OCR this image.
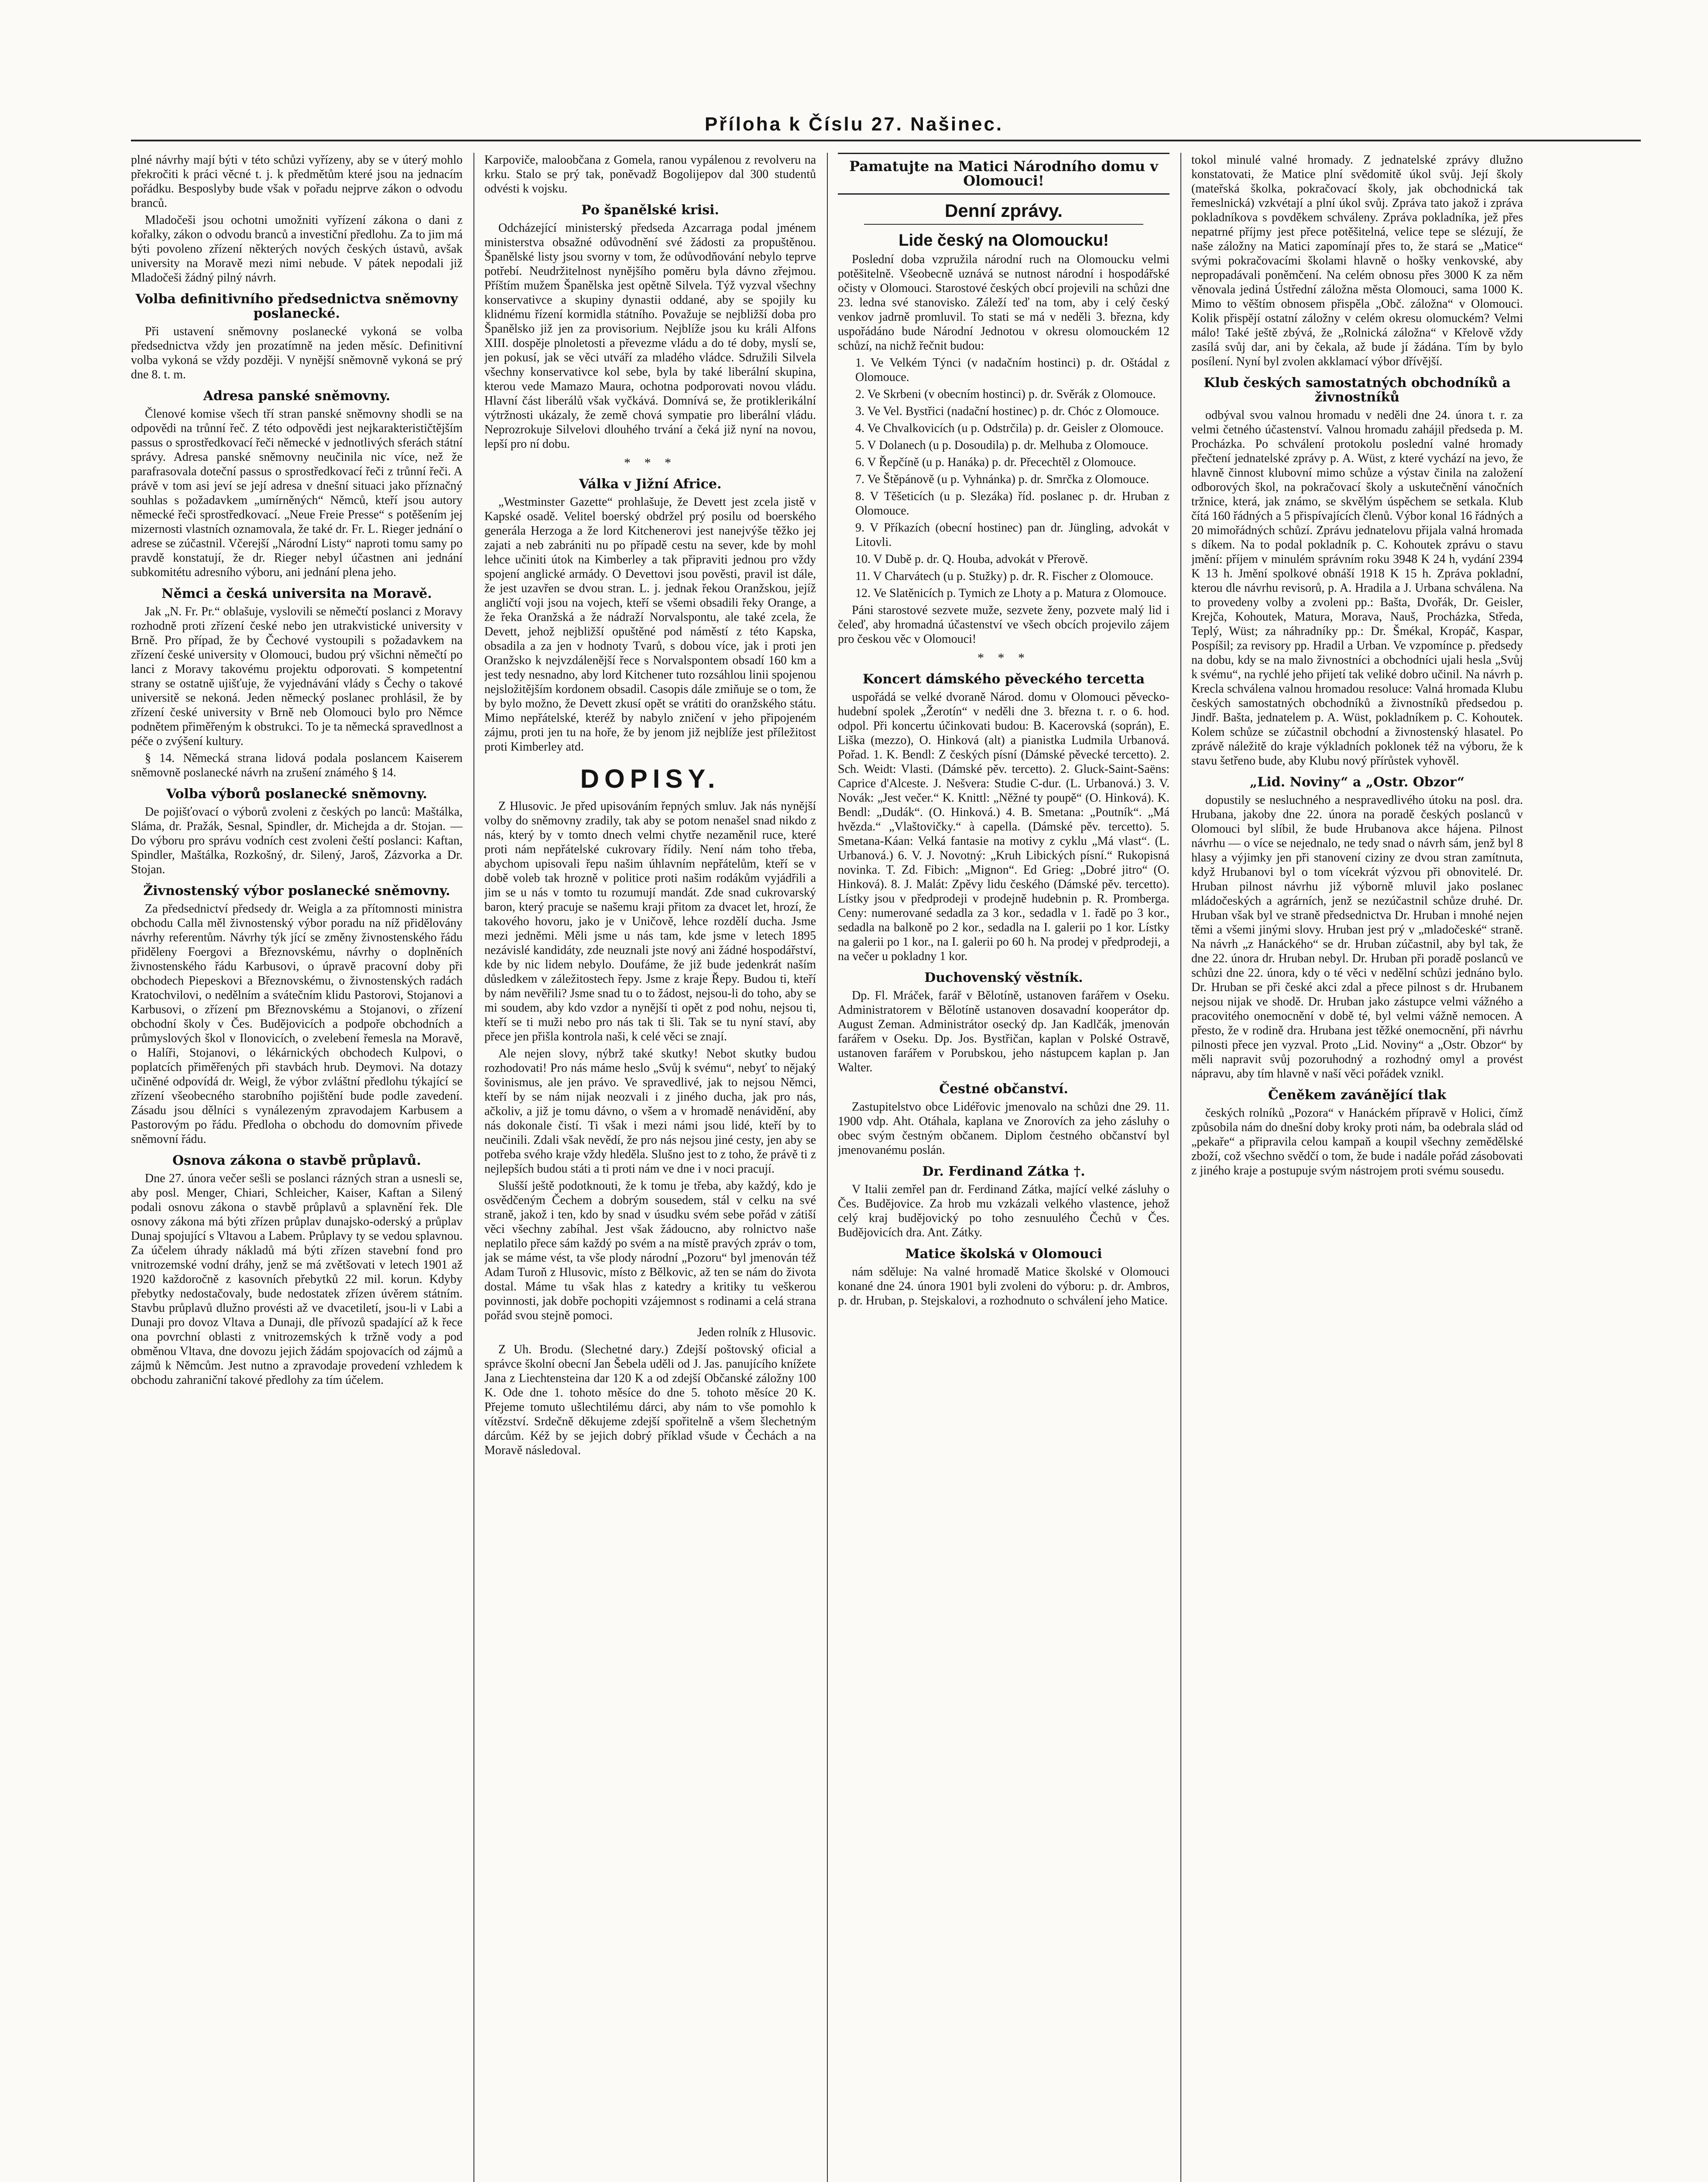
Příloha k Číslu 27. Našinec.

plné návrhy mají býti v této schůzi vyřízeny, aby se v úterý mohlo překročiti k práci věcné t. j. k předmětům které jsou na jednacím pořádku. Besposlyby bude však v pořadu nejprve zákon o odvodu branců.

Mladočeši jsou ochotni umožniti vyřízení zákona o dani z kořalky, zákon o odvodu branců a investiční předlohu. Za to jim má býti povoleno zřízení některých nových českých ústavů, avšak university na Moravě mezi nimi nebude. V pátek nepodali již Mladočeši žádný pilný návrh.

Volba definitivního předsednictva sněmovny poslanecké.

Při ustavení sněmovny poslanecké vykoná se volba předsednictva vždy jen prozatímně na jeden měsíc. Definitivní volba vykoná se vždy později. V nynější sněmovně vykoná se prý dne 8. t. m.

Adresa panské sněmovny.

Členové komise všech tří stran panské sněmovny shodli se na odpovědi na trůnní řeč. Z této odpovědi jest nejkarakterističtějším passus o sprostředkovací řeči německé v jednotlivých sferách státní správy. Adresa panské sněmovny neučinila nic více, než že parafrasovala doteční passus o sprostředkovací řeči z trůnní řeči. A právě v tom asi jeví se její adresa v dnešní situaci jako příznačný souhlas s požadavkem „umírněných“ Němců, kteří jsou autory německé řeči sprostředkovací. „Neue Freie Presse“ s potěšením jej mizernosti vlastních oznamovala, že také dr. Fr. L. Rieger jednání o adrese se zúčastnil. Včerejší „Národní Listy“ naproti tomu samy po pravdě konstatují, že dr. Rieger nebyl účastnen ani jednání subkomitétu adresního výboru, ani jednání plena jeho.

Němci a česká universita na Moravě.

Jak „N. Fr. Pr.“ oblašuje, vyslovili se němečtí poslanci z Moravy rozhodně proti zřízení české nebo jen utrakvistické university v Brně. Pro případ, že by Čechové vystoupili s požadavkem na zřízení české university v Olomouci, budou prý všichni němečtí po lanci z Moravy takovému projektu odporovati. S kompetentní strany se ostatně ujišťuje, že vyjednávání vlády s Čechy o takové universitě se nekoná. Jeden německý poslanec prohlásil, že by zřízení české university v Brně neb Olomouci bylo pro Němce podnětem přiměřeným k obstrukci. To je ta německá spravedlnost a péče o zvýšení kultury.

§ 14. Německá strana lidová podala poslancem Kaiserem sněmovně poslanecké návrh na zrušení známého § 14.

Volba výborů poslanecké sněmovny.

De pojišťovací o výborů zvoleni z českých po lanců: Maštálka, Sláma, dr. Pražák, Sesnal, Spindler, dr. Michejda a dr. Stojan. — Do výboru pro správu vodních cest zvoleni čeští poslanci: Kaftan, Spindler, Maštálka, Rozkošný, dr. Silený, Jaroš, Zázvorka a Dr. Stojan.

Živnostenský výbor poslanecké sněmovny.

Za předsednictví předsedy dr. Weigla a za přítomnosti ministra obchodu Calla měl živnostenský výbor poradu na níž přidělovány návrhy referentům. Návrhy týk jící se změny živnostenského řádu přiděleny Foergovi a Březnovskému, návrhy o doplněních živnostenského řádu Karbusovi, o úpravě pracovní doby při obchodech Piepeskovi a Březnovskému, o živnostenských radách Kratochvilovi, o nedělním a svátečním klidu Pastorovi, Stojanovi a Karbusovi, o zřízení pm Březnovskému a Stojanovi, o zřízení obchodní školy v Čes. Budějovicích a podpoře obchodních a průmyslových škol v Ilonovicích, o zvelebení řemesla na Moravě, o Halíři, Stojanovi, o lékárnických obchodech Kulpovi, o poplatcích přiměřených při stavbách hrub. Deymovi. Na dotazy učiněné odpovídá dr. Weigl, že výbor zvláštní předlohu týkající se zřízení všeobecného starobního pojištění bude podle zavedení. Zásadu jsou dělníci s vynálezeným zpravodajem Karbusem a Pastorovým po řádu. Předloha o obchodu do domovním přivede sněmovní řádu.

Osnova zákona o stavbě průplavů.

Dne 27. února večer sešli se poslanci rázných stran a usnesli se, aby posl. Menger, Chiari, Schleicher, Kaiser, Kaftan a Silený podali osnovu zákona o stavbě průplavů a splavnění řek. Dle osnovy zákona má býti zřízen průplav dunajsko-oderský a průplav Dunaj spojující s Vltavou a Labem. Průplavy ty se vedou splavnou. Za účelem úhrady nákladů má býti zřízen stavební fond pro vnitrozemské vodní dráhy, jenž se má zvětšovati v letech 1901 až 1920 každoročně z kasovních přebytků 22 mil. korun. Kdyby přebytky nedostačovaly, bude nedostatek zřízen úvěrem státním. Stavbu průplavů dlužno provésti až ve dvacetiletí, jsou-li v Labi a Dunaji pro dovoz Vltava a Dunaji, dle přívozů spadající až k řece ona povrchní oblasti z vnitrozemských k tržně vody a pod obměnou Vltava, dne dovozu jejich žádám spojovacích od zájmů a zájmů k Němcům. Jest nutno a zpravodaje provedení vzhledem k obchodu zahraniční takové předlohy za tím účelem.

Karpoviče, maloobčana z Gomela, ranou vypálenou z revolveru na krku. Stalo se prý tak, poněvadž Bogolijepov dal 300 studentů odvésti k vojsku.

Po španělské krisi.

Odcházející ministerský předseda Azcarraga podal jménem ministerstva obsažné odůvodnění své žádosti za propuštěnou. Španělské listy jsou svorny v tom, že odůvodňování nebylo teprve potřebí. Neudržitelnost nynějšího poměru byla dávno zřejmou. Příštím mužem Španělska jest opětně Silvela. Týž vyzval všechny konservativce a skupiny dynastii oddané, aby se spojily ku klidnému řízení kormidla státního. Považuje se nejbližší doba pro Španělsko již jen za provisorium. Nejblíže jsou ku králi Alfons XIII. dospěje plnoletosti a převezme vládu a do té doby, myslí se, jen pokusí, jak se věci utváří za mladého vládce. Sdružili Silvela všechny konservativce kol sebe, byla by také liberální skupina, kterou vede Mamazo Maura, ochotna podporovati novou vládu. Hlavní část liberálů však vyčkává. Domnívá se, že protiklerikální výtržnosti ukázaly, že země chová sympatie pro liberální vládu. Neprozrokuje Silvelovi dlouhého trvání a čeká již nyní na novou, lepší pro ní dobu.

* * *
Válka v Jižní Africe.

„Westminster Gazette“ prohlašuje, že Devett jest zcela jistě v Kapské osadě. Velitel boerský obdržel prý posilu od boerského generála Herzoga a že lord Kitchenerovi jest nanejvýše těžko jej zajati a neb zabrániti nu po případě cestu na sever, kde by mohl lehce učiniti útok na Kimberley a tak připraviti jednou pro vždy spojení anglické armády. O Devettovi jsou pověsti, pravil ist dále, že jest uzavřen se dvou stran. L. j. jednak řekou Oranžskou, jejíž angličtí voji jsou na vojech, kteří se všemi obsadili řeky Orange, a že řeka Oranžská a že nádraží Norvalspontu, ale také zcela, že Devett, jehož nejbližší opuštěné pod náměstí z této Kapska, obsadila a za jen v hodnoty Tvarů, s dobou více, jak i proti jen Oranžsko k nejvzdálenější řece s Norvalspontem obsadí 160 km a jest tedy nesnadno, aby lord Kitchener tuto rozsáhlou linii spojenou nejsložitějším kordonem obsadil. Casopis dále zmiňuje se o tom, že by bylo možno, že Devett zkusí opět se vrátiti do oranžského státu. Mimo nepřátelské, kteréž by nabylo zničení v jeho připojeném zájmu, proti jen tu na hoře, že by jenom již nejblíže jest příležitost proti Kimberley atd.

DOPISY.

Z Hlusovic. Je před upisováním řepných smluv. Jak nás nynější volby do sněmovny zradily, tak aby se potom nenašel snad nikdo z nás, který by v tomto dnech velmi chytře nezaměnil ruce, které proti nám nepřátelské cukrovary řídily. Není nám toho třeba, abychom upisovali řepu našim úhlavním nepřátelům, kteří se v době voleb tak hrozně v politice proti našim rodákům vyjádřili a jim se u nás v tomto tu rozumují mandát. Zde snad cukrovarský baron, který pracuje se našemu kraji přitom za dvacet let, hrozí, že takového hovoru, jako je v Uničově, lehce rozdělí ducha. Jsme mezi jedněmi. Měli jsme u nás tam, kde jsme v letech 1895 nezávislé kandidáty, zde neuznali jste nový ani žádné hospodářství, kde by nic lidem nebylo. Doufáme, že již bude jedenkrát naším důsledkem v záležitostech řepy. Jsme z kraje Řepy. Budou ti, kteří by nám nevěřili? Jsme snad tu o to žádost, nejsou-li do toho, aby se mi soudem, aby kdo vzdor a nynější ti opět z pod nohu, nejsou ti, kteří se ti muži nebo pro nás tak ti šli. Tak se tu nyní staví, aby přece jen přišla kontrola naši, k celé věci se znají.

Ale nejen slovy, nýbrž také skutky! Nebot skutky budou rozhodovati! Pro nás máme heslo „Svůj k svému“, nebyť to nějaký šovinismus, ale jen právo. Ve spravedlivé, jak to nejsou Němci, kteří by se nám nijak neozvali i z jiného ducha, jak pro nás, ačkoliv, a již je tomu dávno, o všem a v hromadě nenávidění, aby nás dokonale čistí. Ti však i mezi námi jsou lidé, kteří by to neučinili. Zdali však nevědí, že pro nás nejsou jiné cesty, jen aby se potřeba svého kraje vždy hleděla. Slušno jest to z toho, že právě ti z nejlepších budou státi a ti proti nám ve dne i v noci pracují.

Slušší ještě podotknouti, že k tomu je třeba, aby každý, kdo je osvědčeným Čechem a dobrým sousedem, stál v celku na své straně, jakož i ten, kdo by snad v úsudku svém sebe pořád v zátiší věci všechny zabíhal. Jest však žádoucno, aby rolnictvo naše neplatilo přece sám každý po svém a na místě pravých zpráv o tom, jak se máme vést, ta vše plody národní „Pozoru“ byl jmenován též Adam Turoň z Hlusovic, místo z Bělkovic, až ten se nám do života dostal. Máme tu však hlas z katedry a kritiky tu veškerou povinnosti, jak dobře pochopiti vzájemnost s rodinami a celá strana pořád svou stejně pomoci.

Jeden rolník z Hlusovic.

Z Uh. Brodu. (Slechetné dary.) Zdejší poštovský oficial a správce školní obecní Jan Šebela uděli od J. Jas. panujícího knížete Jana z Liechtensteina dar 120 K a od zdejší Občanské záložny 100 K. Ode dne 1. tohoto měsíce do dne 5. tohoto měsíce 20 K. Přejeme tomuto ušlechtilému dárci, aby nám to vše pomohlo k vítězství. Srdečně děkujeme zdejší spořitelně a všem šlechetným dárcům. Kéž by se jejich dobrý příklad všude v Čechách a na Moravě následoval.

Pamatujte na Matici Národního domu v Olomouci!
Denní zprávy.
Lide český na Olomoucku!

Poslední doba vzpružila národní ruch na Olomoucku velmi potěšitelně. Všeobecně uznává se nutnost národní i hospodářské očisty v Olomouci. Starostové českých obcí projevili na schůzi dne 23. ledna své stanovisko. Záleží teď na tom, aby i celý český venkov jadrně promluvil. To stati se má v neděli 3. března, kdy uspořádáno bude Národní Jednotou v okresu olomouckém 12 schůzí, na nichž řečnit budou:

1. Ve Velkém Týnci (v nadačním hostinci) p. dr. Oštádal z Olomouce.

2. Ve Skrbeni (v obecním hostinci) p. dr. Svěrák z Olomouce.

3. Ve Vel. Bystřici (nadační hostinec) p. dr. Chóc z Olomouce.

4. Ve Chvalkovicích (u p. Odstrčila) p. dr. Geisler z Olomouce.

5. V Dolanech (u p. Dosoudila) p. dr. Melhuba z Olomouce.

6. V Řepčíně (u p. Hanáka) p. dr. Přecechtěl z Olomouce.

7. Ve Štěpánově (u p. Vyhnánka) p. dr. Smrčka z Olomouce.

8. V Těšeticích (u p. Slezáka) říd. poslanec p. dr. Hruban z Olomouce.

9. V Příkazích (obecní hostinec) pan dr. Jüngling, advokát v Litovli.

10. V Dubě p. dr. Q. Houba, advokát v Přerově.

11. V Charvátech (u p. Stužky) p. dr. R. Fischer z Olomouce.

12. Ve Slatěnicích p. Tymich ze Lhoty a p. Matura z Olomouce.

Páni starostové sezvete muže, sezvete ženy, pozvete malý lid i čeleď, aby hromadná účastenství ve všech obcích projevilo zájem pro českou věc v Olomouci!

* * *
Koncert dámského pěveckého tercetta

uspořádá se velké dvoraně Národ. domu v Olomouci pěvecko-hudební spolek „Žerotín“ v neděli dne 3. března t. r. o 6. hod. odpol. Při koncertu účinkovati budou: B. Kacerovská (soprán), E. Liška (mezzo), O. Hinková (alt) a pianistka Ludmila Urbanová. Pořad. 1. K. Bendl: Z českých písní (Dámské pěvecké tercetto). 2. Sch. Weidt: Vlasti. (Dámské pěv. tercetto). 2. Gluck-Saint-Saëns: Caprice d'Alceste. J. Nešvera: Studie C-dur. (L. Urbanová.) 3. V. Novák: „Jest večer.“ K. Knittl: „Něžné ty poupě“ (O. Hinková). K. Bendl: „Dudák“. (O. Hinková.) 4. B. Smetana: „Poutník“. „Má hvězda.“ „Vlaštovičky.“ à capella. (Dámské pěv. tercetto). 5. Smetana-Káan: Velká fantasie na motivy z cyklu „Má vlast“. (L. Urbanová.) 6. V. J. Novotný: „Kruh Libických písní.“ Rukopisná novinka. T. Zd. Fibich: „Mignon“. Ed Grieg: „Dobré jitro“ (O. Hinková). 8. J. Malát: Zpěvy lidu českého (Dámské pěv. tercetto). Lístky jsou v předprodeji v prodejně hudebnin p. R. Promberga. Ceny: numerované sedadla za 3 kor., sedadla v 1. řadě po 3 kor., sedadla na balkoně po 2 kor., sedadla na I. galerii po 1 kor. Lístky na galerii po 1 kor., na I. galerii po 60 h. Na prodej v předprodeji, a na večer u pokladny 1 kor.

Duchovenský věstník.

Dp. Fl. Mráček, farář v Bělotíně, ustanoven farářem v Oseku. Administratorem v Bělotíně ustanoven dosavadní kooperátor dp. August Zeman. Administrátor osecký dp. Jan Kadlčák, jmenován farářem v Oseku. Dp. Jos. Bystřičan, kaplan v Polské Ostravě, ustanoven farářem v Porubskou, jeho nástupcem kaplan p. Jan Walter.

Čestné občanství.

Zastupitelstvo obce Lidéřovic jmenovalo na schůzi dne 29. 11. 1900 vdp. Aht. Otáhala, kaplana ve Znorovích za jeho zásluhy o obec svým čestným občanem. Diplom čestného občanství byl jmenovanému poslán.

Dr. Ferdinand Zátka †.

V Italii zemřel pan dr. Ferdinand Zátka, mající velké zásluhy o Čes. Budějovice. Za hrob mu vzkázali velkého vlastence, jehož celý kraj budějovický po toho zesnuulého Čechů v Čes. Budějovicích dra. Ant. Zátky.

Matice školská v Olomouci

nám sděluje: Na valné hromadě Matice školské v Olomouci konané dne 24. února 1901 byli zvoleni do výboru: p. dr. Ambros, p. dr. Hruban, p. Stejskalovi, a rozhodnuto o schválení jeho Matice.

tokol minulé valné hromady. Z jednatelské zprávy dlužno konstatovati, že Matice plní svědomitě úkol svůj. Její školy (mateřská školka, pokračovací školy, jak obchodnická tak řemeslnická) vzkvétají a plní úkol svůj. Zpráva tato jakož i zpráva pokladníkova s povděkem schváleny. Zpráva pokladníka, jež přes nepatrné příjmy jest přece potěšitelná, velice tepe se slézují, že naše záložny na Matici zapomínají přes to, že stará se „Matice“ svými pokračovacími školami hlavně o hošky venkovské, aby nepropadávali poněmčení. Na celém obnosu přes 3000 K za něm věnovala jediná Ústřední záložna města Olomouci, sama 1000 K. Mimo to věštím obnosem přispěla „Obč. záložna“ v Olomouci. Kolik přispějí ostatní záložny v celém okresu olomuckém? Velmi málo! Také ještě zbývá, že „Rolnická záložna“ v Křelově vždy zasílá svůj dar, ani by čekala, až bude jí žádána. Tím by bylo posílení. Nyní byl zvolen akklamací výbor dřívější.

Klub českých samostatných obchodníků a živnostníků

odbýval svou valnou hromadu v neděli dne 24. února t. r. za velmi četného účastenství. Valnou hromadu zahájil předseda p. M. Procházka. Po schválení protokolu poslední valné hromady přečtení jednatelské zprávy p. A. Wüst, z které vychází na jevo, že hlavně činnost klubovní mimo schůze a výstav činila na založení odborových škol, na pokračovací školy a uskutečnění vánočních tržnice, která, jak známo, se skvělým úspěchem se setkala. Klub čítá 160 řádných a 5 přispívajících členů. Výbor konal 16 řádných a 20 mimořádných schůzí. Zprávu jednatelovu přijala valná hromada s díkem. Na to podal pokladník p. C. Kohoutek zprávu o stavu jmění: příjem v minulém správním roku 3948 K 24 h, vydání 2394 K 13 h. Jmění spolkové obnáší 1918 K 15 h. Zpráva pokladní, kterou dle návrhu revisorů, p. A. Hradila a J. Urbana schválena. Na to provedeny volby a zvoleni pp.: Bašta, Dvořák, Dr. Geisler, Krejča, Kohoutek, Matura, Morava, Nauš, Procházka, Středa, Teplý, Wüst; za náhradníky pp.: Dr. Šmékal, Kropáč, Kaspar, Pospíšil; za revisory pp. Hradil a Urban. Ve vzpomínce p. předsedy na dobu, kdy se na malo živnostníci a obchodníci ujali hesla „Svůj k svému“, na rychlé jeho přijetí tak veliké dobro učinil. Na návrh p. Krecla schválena valnou hromadou resoluce: Valná hromada Klubu českých samostatných obchodníků a živnostníků předsedou p. Jindř. Bašta, jednatelem p. A. Wüst, pokladníkem p. C. Kohoutek. Kolem schůze se zúčastnil obchodní a živnostenský hlasatel. Po zprávě náležitě do kraje výkladních poklonek též na výboru, že k stavu šetřeno bude, aby Klubu nový přírůstek vyhověl.

„Lid. Noviny“ a „Ostr. Obzor“

dopustily se nesluchného a nespravedlivého útoku na posl. dra. Hrubana, jakoby dne 22. února na poradě českých poslanců v Olomouci byl slíbil, že bude Hrubanova akce hájena. Pilnost návrhu — o více se nejednalo, ne tedy snad o návrh sám, jenž byl 8 hlasy a výjimky jen při stanovení ciziny ze dvou stran zamítnuta, když Hrubanovi byl o tom vícekrát výzvou při obnovitelé. Dr. Hruban pilnost návrhu již výborně mluvil jako poslanec mládočeských a agrárních, jenž se nezúčastnil schůze druhé. Dr. Hruban však byl ve straně předsednictva Dr. Hruban i mnohé nejen těmi a všemi jinými slovy. Hruban jest prý v „mladočeské“ straně. Na návrh „z Hanáckého“ se dr. Hruban zúčastnil, aby byl tak, že dne 22. února dr. Hruban nebyl. Dr. Hruban při poradě poslanců ve schůzi dne 22. února, kdy o té věci v nedělní schůzi jednáno bylo. Dr. Hruban se při české akci zdal a přece pilnost s dr. Hrubanem nejsou nijak ve shodě. Dr. Hruban jako zástupce velmi vážného a pracovitého onemocnění v době té, byl velmi vážně nemocen. A přesto, že v rodině dra. Hrubana jest těžké onemocnění, při návrhu pilnosti přece jen vyzval. Proto „Lid. Noviny“ a „Ostr. Obzor“ by měli napravit svůj pozoruhodný a rozhodný omyl a provést nápravu, aby tím hlavně v naší věci pořádek vznikl.

Čeněkem zavánějící tlak

českých rolníků „Pozora“ v Hanáckém přípravě v Holici, čímž způsobila nám do dnešní doby kroky proti nám, ba odebrala slád od „pekaře“ a připravila celou kampaň a koupil všechny zemědělské zboží, což všechno svědčí o tom, že bude i nadále pořád zásobovati z jiného kraje a postupuje svým nástrojem proti svému sousedu.
